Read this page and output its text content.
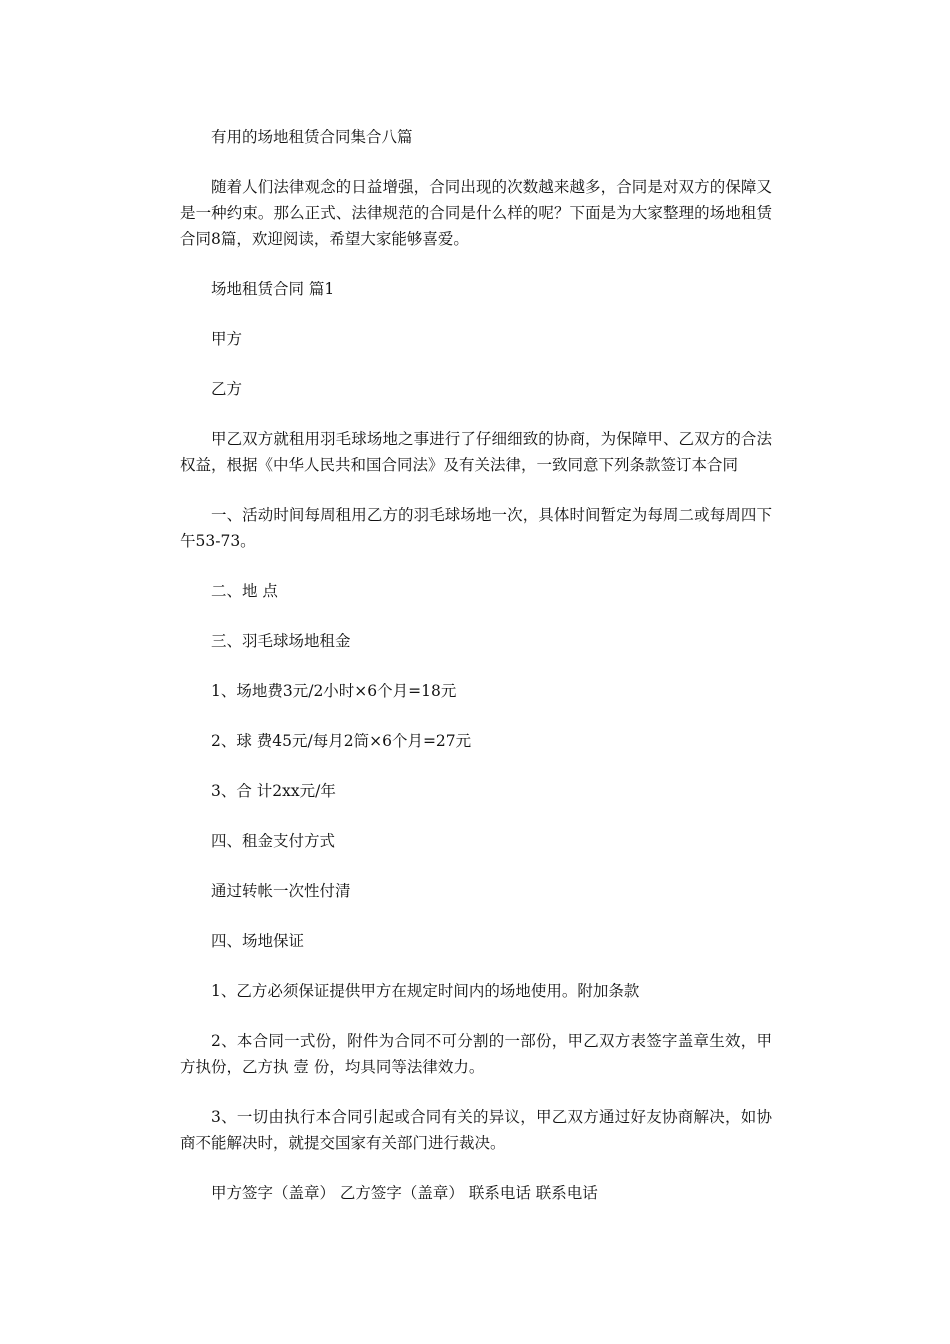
有用的场地租赁合同集合八篇

随着人们法律观念的日益增强，合同出现的次数越来越多，合同是对双方的保障又是一种约束。那么正式、法律规范的合同是什么样的呢？下面是为大家整理的场地租赁合同8篇，欢迎阅读，希望大家能够喜爱。

场地租赁合同 篇1

甲方

乙方

甲乙双方就租用羽毛球场地之事进行了仔细细致的协商，为保障甲、乙双方的合法权益，根据《中华人民共和国合同法》及有关法律，一致同意下列条款签订本合同

一、活动时间每周租用乙方的羽毛球场地一次，具体时间暂定为每周二或每周四下午53-73。

二、地 点

三、羽毛球场地租金

1、场地费3元/2小时×6个月=18元

2、球 费45元/每月2筒×6个月=27元

3、合 计2xx元/年

四、租金支付方式

通过转帐一次性付清

四、场地保证

1、乙方必须保证提供甲方在规定时间内的场地使用。附加条款

2、本合同一式份，附件为合同不可分割的一部份，甲乙双方表签字盖章生效，甲方执份，乙方执 壹 份，均具同等法律效力。

3、一切由执行本合同引起或合同有关的异议，甲乙双方通过好友协商解决，如协商不能解决时，就提交国家有关部门进行裁决。

甲方签字（盖章） 乙方签字（盖章） 联系电话 联系电话
